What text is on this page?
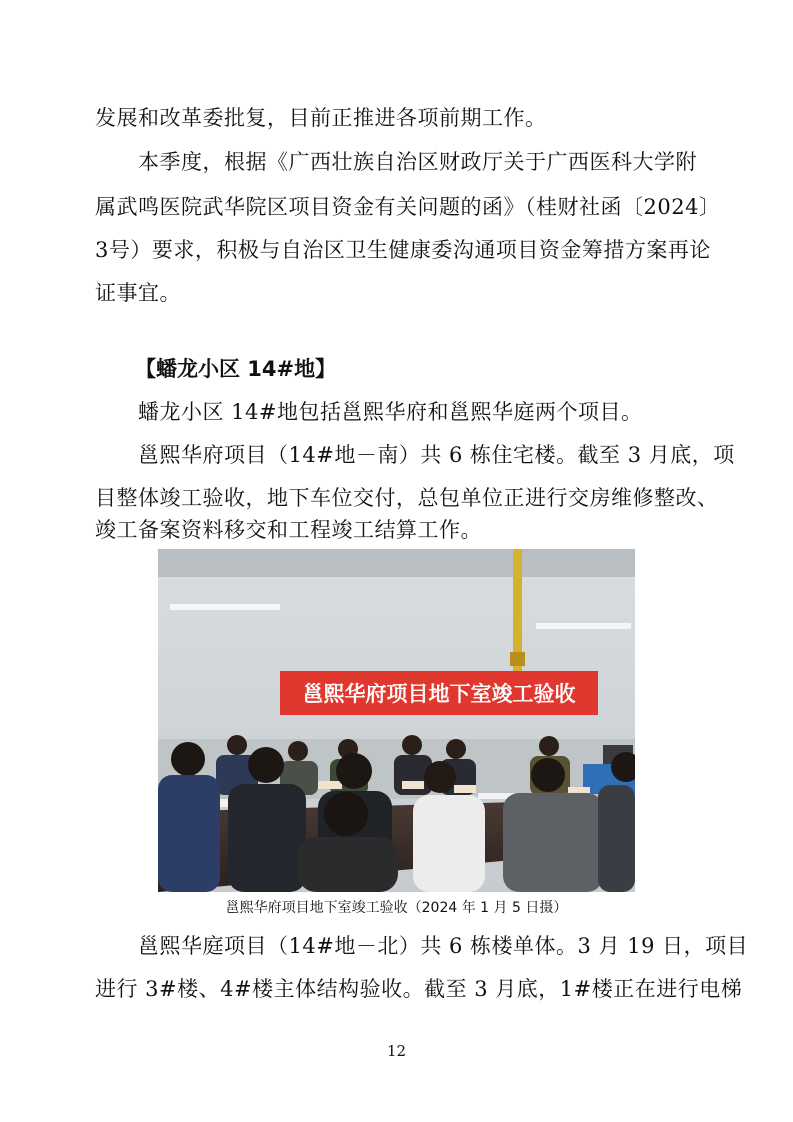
发展和改革委批复，目前正推进各项前期工作。
本季度，根据《广西壮族自治区财政厅关于广西医科大学附
属武鸣医院武华院区项目资金有关问题的函》（桂财社函〔2024〕
3号）要求，积极与自治区卫生健康委沟通项目资金筹措方案再论
证事宜。
【蟠龙小区 14#地】
蟠龙小区 14#地包括邕熙华府和邕熙华庭两个项目。
邕熙华府项目（14#地－南）共 6 栋住宅楼。截至 3 月底，项
目整体竣工验收，地下车位交付，总包单位正进行交房维修整改、
竣工备案资料移交和工程竣工结算工作。
邕熙华府项目地下室竣工验收
邕熙华府项目地下室竣工验收（2024 年 1 月 5 日摄）
邕熙华庭项目（14#地－北）共 6 栋楼单体。3 月 19 日，项目
进行 3#楼、4#楼主体结构验收。截至 3 月底，1#楼正在进行电梯
12
